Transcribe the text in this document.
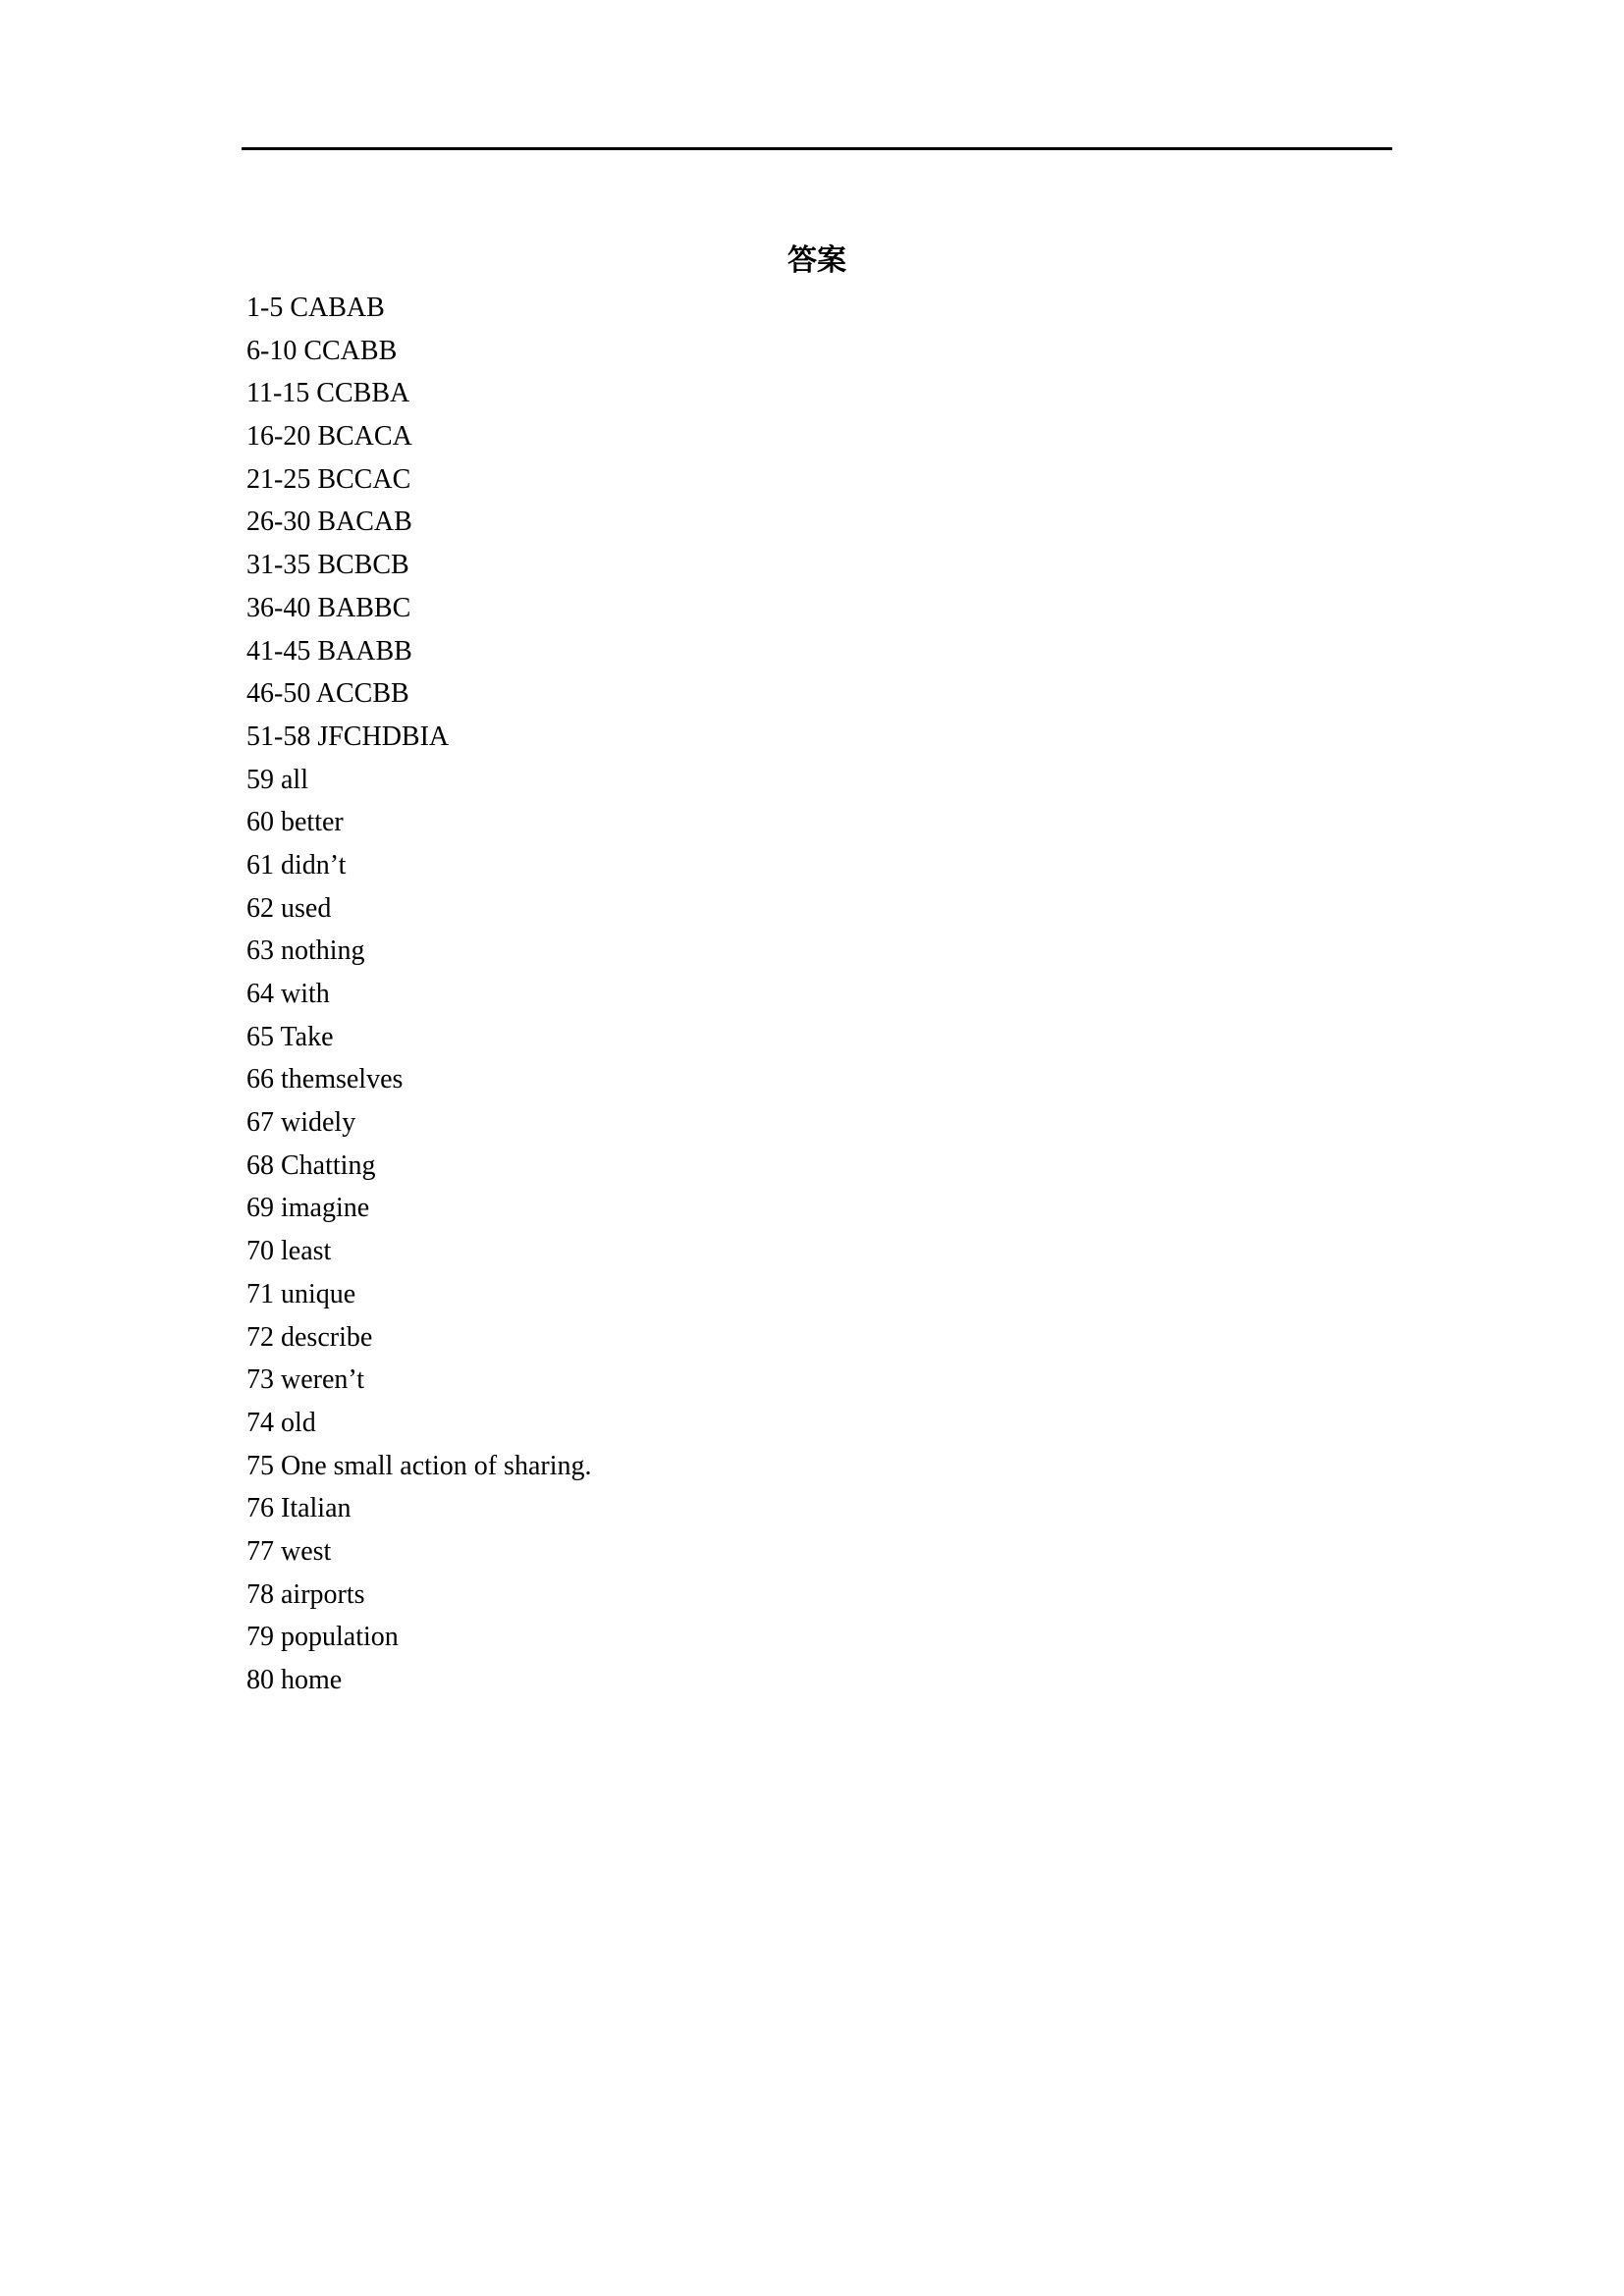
答案
1-5 CABAB
6-10 CCABB
11-15 CCBBA
16-20 BCACA
21-25 BCCAC
26-30 BACAB
31-35 BCBCB
36-40 BABBC
41-45 BAABB
46-50 ACCBB
51-58 JFCHDBIA
59 all
60 better
61 didn’t
62 used
63 nothing
64 with
65 Take
66 themselves
67 widely
68 Chatting
69 imagine
70 least
71 unique
72 describe
73 weren’t
74 old
75 One small action of sharing.
76 Italian
77 west
78 airports
79 population
80 home
